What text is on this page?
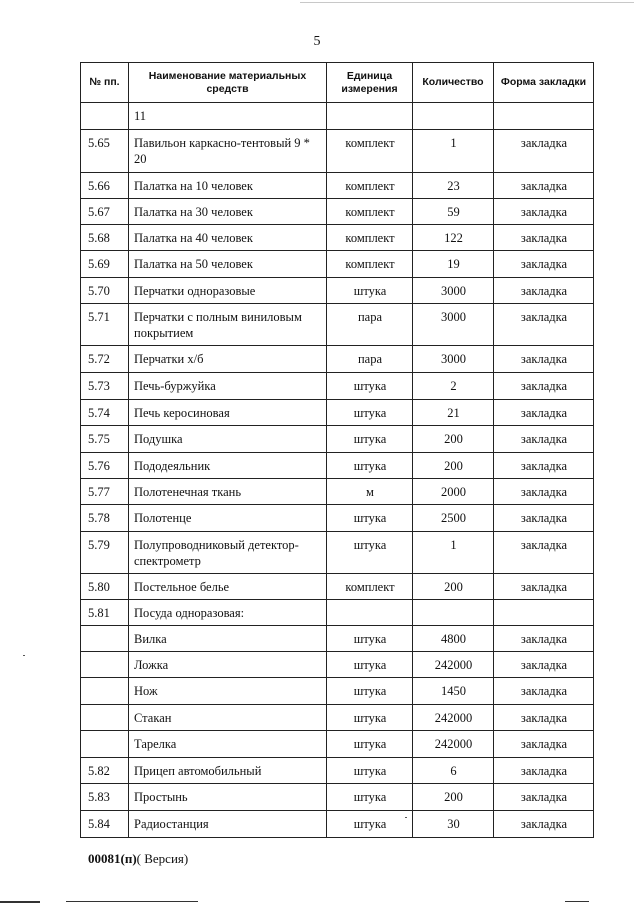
5
№ пп.	Наименование материальных средств	Единица измерения	Количество	Форма закладки
	11			
5.65	Павильон каркасно-тентовый 9 * 20	комплект	1	закладка
5.66	Палатка на 10 человек	комплект	23	закладка
5.67	Палатка на 30 человек	комплект	59	закладка
5.68	Палатка на 40 человек	комплект	122	закладка
5.69	Палатка на 50 человек	комплект	19	закладка
5.70	Перчатки одноразовые	штука	3000	закладка
5.71	Перчатки с полным виниловым покрытием	пара	3000	закладка
5.72	Перчатки х/б	пара	3000	закладка
5.73	Печь-буржуйка	штука	2	закладка
5.74	Печь керосиновая	штука	21	закладка
5.75	Подушка	штука	200	закладка
5.76	Пододеяльник	штука	200	закладка
5.77	Полотенечная ткань	м	2000	закладка
5.78	Полотенце	штука	2500	закладка
5.79	Полупроводниковый детектор-спектрометр	штука	1	закладка
5.80	Постельное белье	комплект	200	закладка
5.81	Посуда одноразовая:			
	Вилка	штука	4800	закладка
	Ложка	штука	242000	закладка
	Нож	штука	1450	закладка
	Стакан	штука	242000	закладка
	Тарелка	штука	242000	закладка
5.82	Прицеп автомобильный	штука	6	закладка
5.83	Простынь	штука	200	закладка
5.84	Радиостанция	штука	30	закладка
00081(п)( Версия)
